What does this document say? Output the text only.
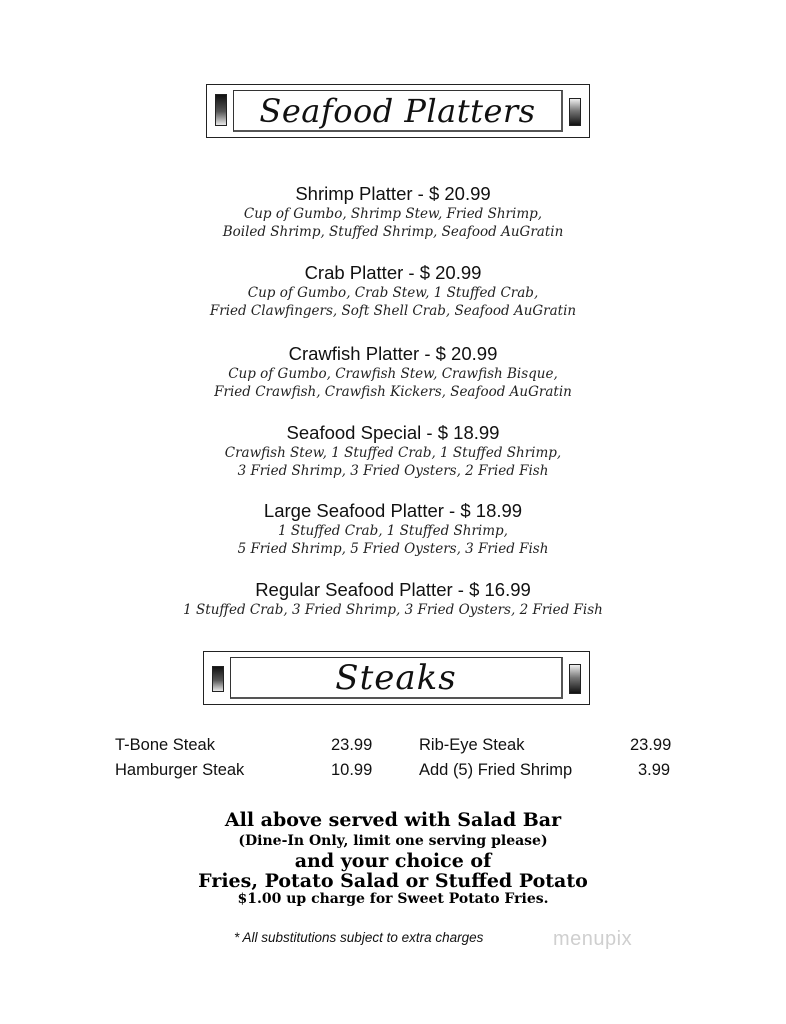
Seafood Platters
Shrimp Platter - $ 20.99
Cup of Gumbo, Shrimp Stew, Fried Shrimp,
Boiled Shrimp, Stuffed Shrimp, Seafood AuGratin
Crab Platter - $ 20.99
Cup of Gumbo, Crab Stew, 1 Stuffed Crab,
Fried Clawfingers, Soft Shell Crab, Seafood AuGratin
Crawfish Platter - $ 20.99
Cup of Gumbo, Crawfish Stew, Crawfish Bisque,
Fried Crawfish, Crawfish Kickers, Seafood AuGratin
Seafood Special - $ 18.99
Crawfish Stew, 1 Stuffed Crab, 1 Stuffed Shrimp,
3 Fried Shrimp, 3 Fried Oysters, 2 Fried Fish
Large Seafood Platter - $ 18.99
1 Stuffed Crab, 1 Stuffed Shrimp,
5 Fried Shrimp, 5 Fried Oysters, 3 Fried Fish
Regular Seafood Platter - $ 16.99
1 Stuffed Crab, 3 Fried Shrimp, 3 Fried Oysters, 2 Fried Fish
Steaks
T-Bone Steak	23.99	Rib-Eye Steak	23.99
Hamburger Steak	10.99	Add (5) Fried Shrimp	3.99
All above served with Salad Bar
(Dine-In Only, limit one serving please)
and your choice of
Fries, Potato Salad or Stuffed Potato
$1.00 up charge for Sweet Potato Fries.
* All substitutions subject to extra charges	menupix
